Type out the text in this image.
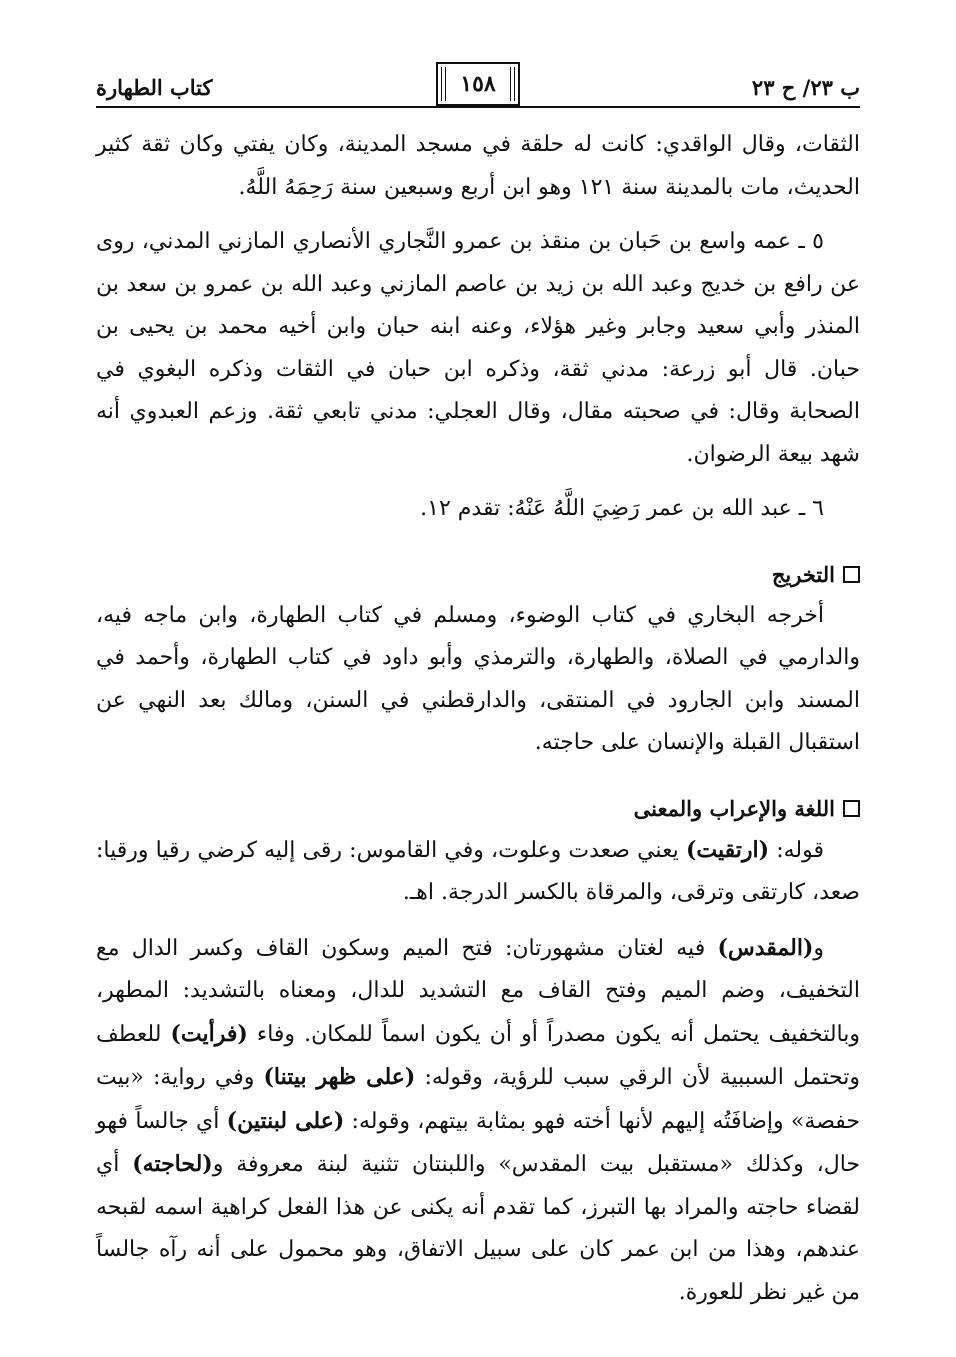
ب ٢٣/ ح ٢٣
١٥٨
كتاب الطهارة

الثقات، وقال الواقدي: كانت له حلقة في مسجد المدينة، وكان يفتي وكان ثقة كثير الحديث، مات بالمدينة سنة ١٢١ وهو ابن أربع وسبعين سنة رَحِمَهُ اللَّهُ.

٥ ـ عمه واسع بن حَبان بن منقذ بن عمرو النَّجاري الأنصاري المازني المدني، روى عن رافع بن خديج وعبد الله بن زيد بن عاصم المازني وعبد الله بن عمرو بن سعد بن المنذر وأبي سعيد وجابر وغير هؤلاء، وعنه ابنه حبان وابن أخيه محمد بن يحيى بن حبان. قال أبو زرعة: مدني ثقة، وذكره ابن حبان في الثقات وذكره البغوي في الصحابة وقال: في صحبته مقال، وقال العجلي: مدني تابعي ثقة. وزعم العبدوي أنه شهد بيعة الرضوان.

٦ ـ عبد الله بن عمر رَضِيَ اللَّهُ عَنْهُ: تقدم ١٢.

التخريج

أخرجه البخاري في كتاب الوضوء، ومسلم في كتاب الطهارة، وابن ماجه فيه، والدارمي في الصلاة، والطهارة، والترمذي وأبو داود في كتاب الطهارة، وأحمد في المسند وابن الجارود في المنتقى، والدارقطني في السنن، ومالك بعد النهي عن استقبال القبلة والإنسان على حاجته.

اللغة والإعراب والمعنى

قوله: (ارتقيت) يعني صعدت وعلوت، وفي القاموس: رقى إليه كرضي رقيا ورقيا: صعد، كارتقى وترقى، والمرقاة بالكسر الدرجة. اهـ.

و(المقدس) فيه لغتان مشهورتان: فتح الميم وسكون القاف وكسر الدال مع التخفيف، وضم الميم وفتح القاف مع التشديد للدال، ومعناه بالتشديد: المطهر، وبالتخفيف يحتمل أنه يكون مصدراً أو أن يكون اسماً للمكان. وفاء (فرأيت) للعطف وتحتمل السببية لأن الرقي سبب للرؤية، وقوله: (على ظهر بيتنا) وفي رواية: «بيت حفصة» وإضافَتُه إليهم لأنها أخته فهو بمثابة بيتهم، وقوله: (على لبنتين) أي جالساً فهو حال، وكذلك «مستقبل بيت المقدس» واللبنتان تثنية لبنة معروفة و(لحاجته) أي لقضاء حاجته والمراد بها التبرز، كما تقدم أنه يكنى عن هذا الفعل كراهية اسمه لقبحه عندهم، وهذا من ابن عمر كان على سبيل الاتفاق، وهو محمول على أنه رآه جالساً من غير نظر للعورة.
